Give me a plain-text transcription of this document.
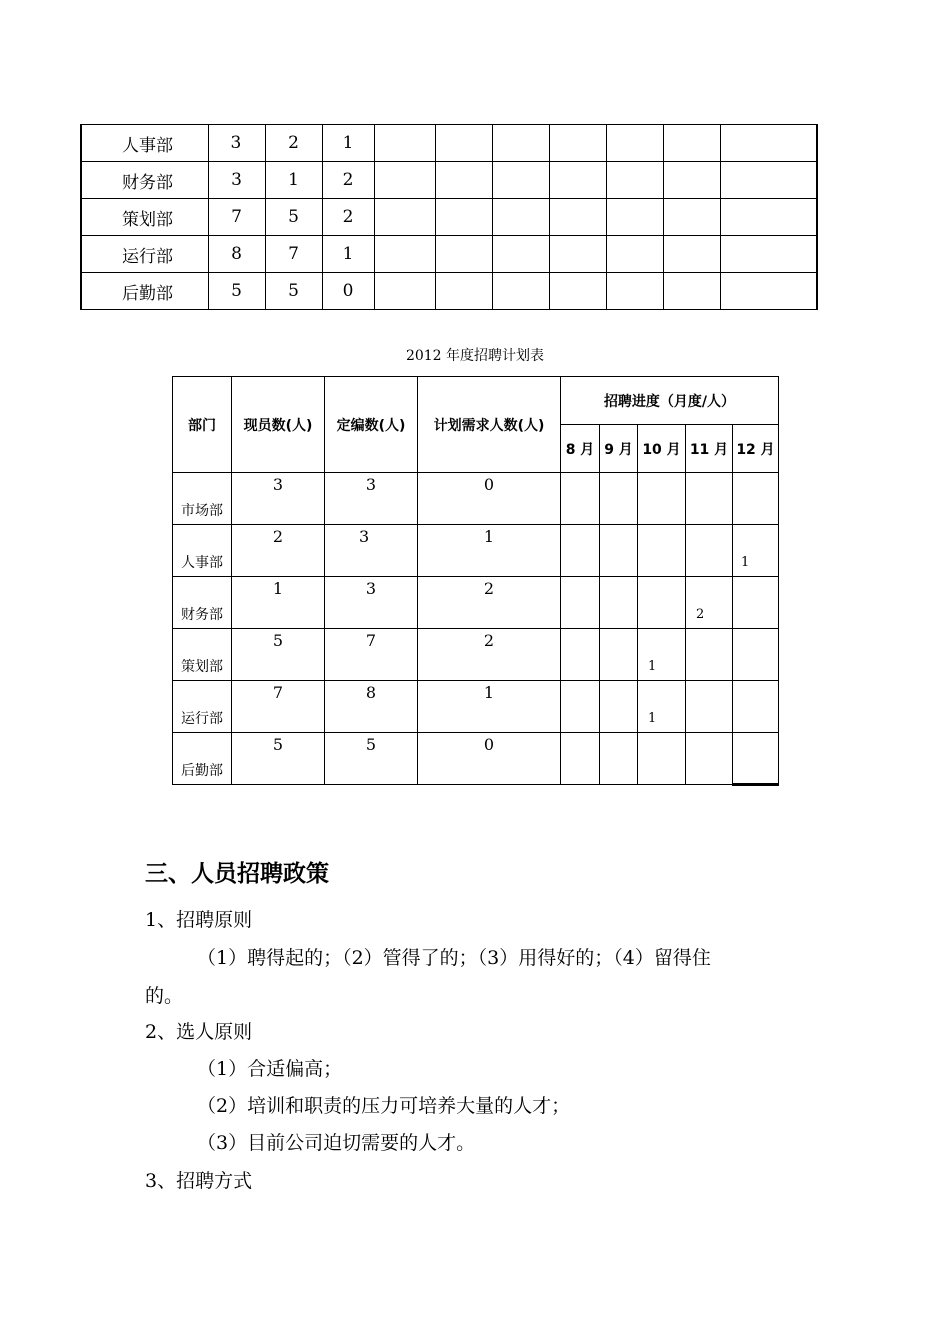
人事部	3	2	1							
财务部	3	1	2							
策划部	7	5	2							
运行部	8	7	1							
后勤部	5	5	0							
2012 年度招聘计划表
部门	现员数(人)	定编数(人)	计划需求人数(人)	招聘进度（月度/人）				
				8 月	9 月	10 月	11 月	12 月
市场部	3	3	0					
人事部	2	3	1					1
财务部	1	3	2				2	
策划部	5	7	2			1		
运行部	7	8	1			1		
后勤部	5	5	0					
三、人员招聘政策
1、招聘原则
（1）聘得起的；（2）管得了的；（3）用得好的；（4）留得住
的。
2、选人原则
（1）合适偏高；
（2）培训和职责的压力可培养大量的人才；
（3）目前公司迫切需要的人才。
3、招聘方式
